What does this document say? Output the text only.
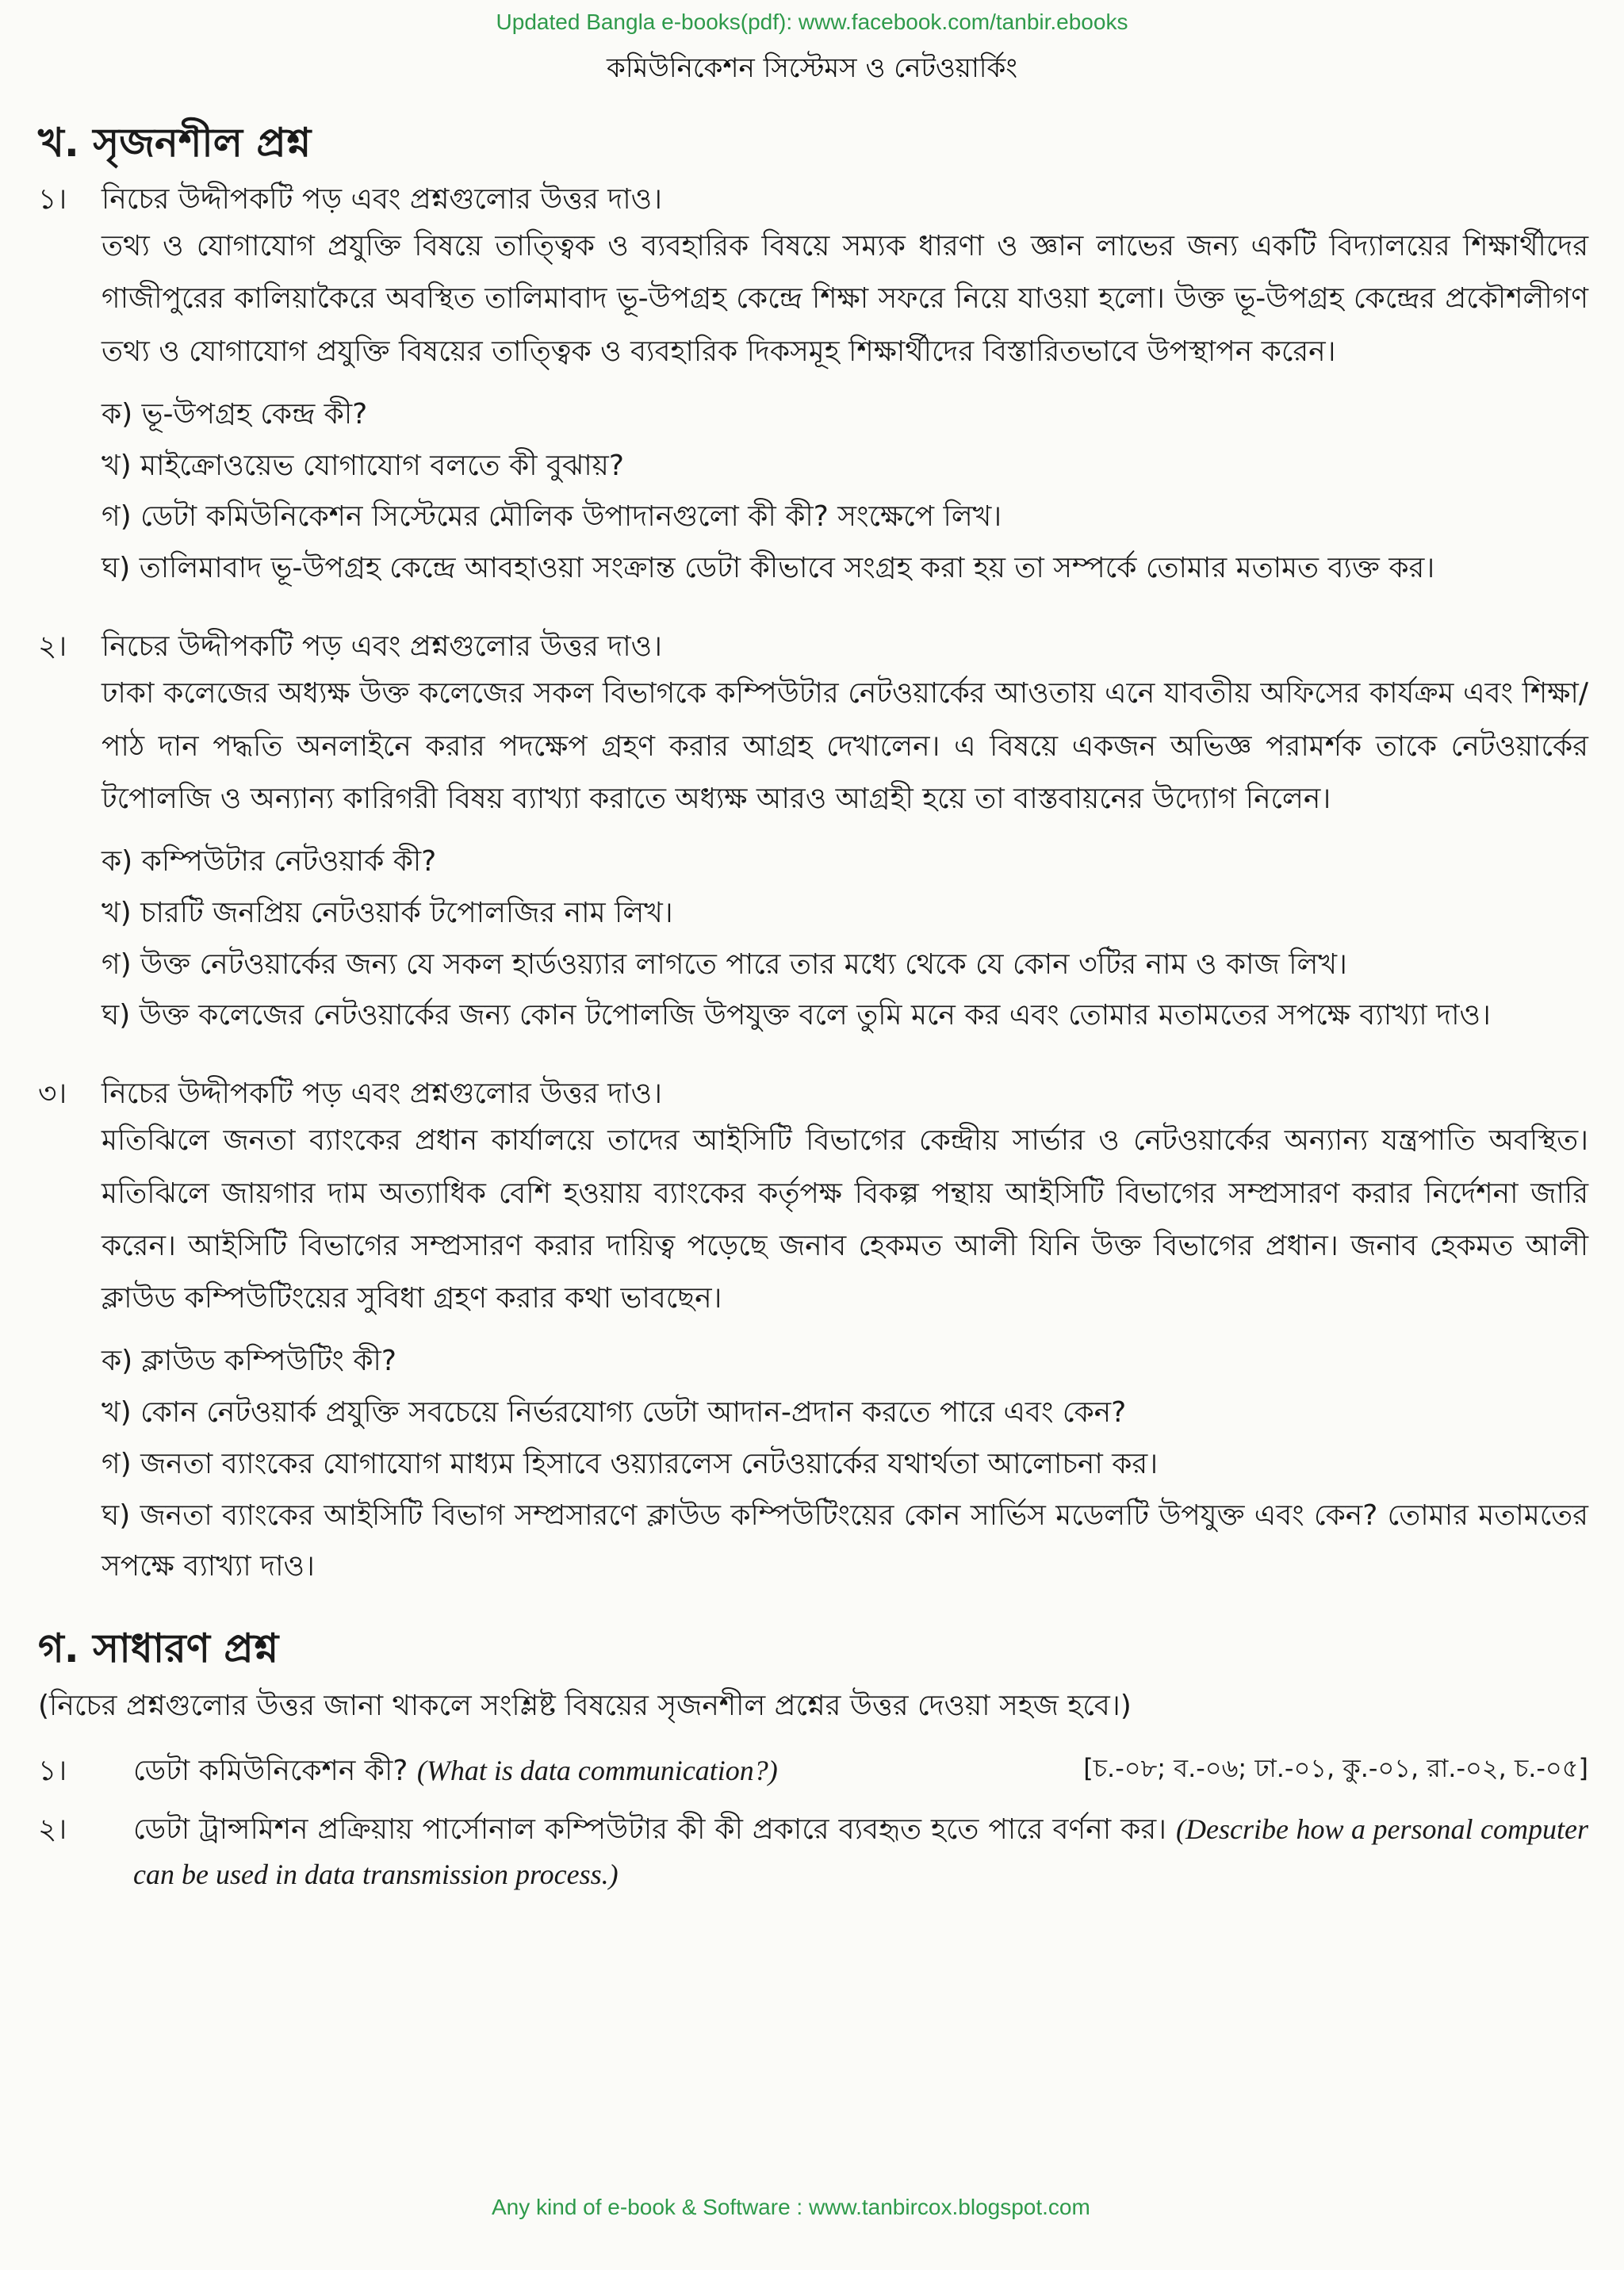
Updated Bangla e-books(pdf): www.facebook.com/tanbir.ebooks
কমিউনিকেশন সিস্টেমস ও নেটওয়ার্কিং
খ. সৃজনশীল প্রশ্ন
১।	নিচের উদ্দীপকটি পড় এবং প্রশ্নগুলোর উত্তর দাও।
তথ্য ও যোগাযোগ প্রযুক্তি বিষয়ে তাত্ত্বিক ও ব্যবহারিক বিষয়ে সম্যক ধারণা ও জ্ঞান লাভের জন্য একটি বিদ্যালয়ের শিক্ষার্থীদের গাজীপুরের কালিয়াকৈরে অবস্থিত তালিমাবাদ ভূ-উপগ্রহ কেন্দ্রে শিক্ষা সফরে নিয়ে যাওয়া হলো। উক্ত ভূ-উপগ্রহ কেন্দ্রের প্রকৌশলীগণ তথ্য ও যোগাযোগ প্রযুক্তি বিষয়ের তাত্ত্বিক ও ব্যবহারিক দিকসমূহ শিক্ষার্থীদের বিস্তারিতভাবে উপস্থাপন করেন।
ক) ভূ-উপগ্রহ কেন্দ্র কী?
খ) মাইক্রোওয়েভ যোগাযোগ বলতে কী বুঝায়?
গ) ডেটা কমিউনিকেশন সিস্টেমের মৌলিক উপাদানগুলো কী কী? সংক্ষেপে লিখ।
ঘ) তালিমাবাদ ভূ-উপগ্রহ কেন্দ্রে আবহাওয়া সংক্রান্ত ডেটা কীভাবে সংগ্রহ করা হয় তা সম্পর্কে তোমার মতামত ব্যক্ত কর।
২।	নিচের উদ্দীপকটি পড় এবং প্রশ্নগুলোর উত্তর দাও।
ঢাকা কলেজের অধ্যক্ষ উক্ত কলেজের সকল বিভাগকে কম্পিউটার নেটওয়ার্কের আওতায় এনে যাবতীয় অফিসের কার্যক্রম এবং শিক্ষা/পাঠ দান পদ্ধতি অনলাইনে করার পদক্ষেপ গ্রহণ করার আগ্রহ দেখালেন। এ বিষয়ে একজন অভিজ্ঞ পরামর্শক তাকে নেটওয়ার্কের টপোলজি ও অন্যান্য কারিগরী বিষয় ব্যাখ্যা করাতে অধ্যক্ষ আরও আগ্রহী হয়ে তা বাস্তবায়নের উদ্যোগ নিলেন।
ক) কম্পিউটার নেটওয়ার্ক কী?
খ) চারটি জনপ্রিয় নেটওয়ার্ক টপোলজির নাম লিখ।
গ) উক্ত নেটওয়ার্কের জন্য যে সকল হার্ডওয়্যার লাগতে পারে তার মধ্যে থেকে যে কোন ৩টির নাম ও কাজ লিখ।
ঘ) উক্ত কলেজের নেটওয়ার্কের জন্য কোন টপোলজি উপযুক্ত বলে তুমি মনে কর এবং তোমার মতামতের সপক্ষে ব্যাখ্যা দাও।
৩।	নিচের উদ্দীপকটি পড় এবং প্রশ্নগুলোর উত্তর দাও।
মতিঝিলে জনতা ব্যাংকের প্রধান কার্যালয়ে তাদের আইসিটি বিভাগের কেন্দ্রীয় সার্ভার ও নেটওয়ার্কের অন্যান্য যন্ত্রপাতি অবস্থিত। মতিঝিলে জায়গার দাম অত্যাধিক বেশি হওয়ায় ব্যাংকের কর্তৃপক্ষ বিকল্প পন্থায় আইসিটি বিভাগের সম্প্রসারণ করার নির্দেশনা জারি করেন। আইসিটি বিভাগের সম্প্রসারণ করার দায়িত্ব পড়েছে জনাব হেকমত আলী যিনি উক্ত বিভাগের প্রধান। জনাব হেকমত আলী ক্লাউড কম্পিউটিংয়ের সুবিধা গ্রহণ করার কথা ভাবছেন।
ক) ক্লাউড কম্পিউটিং কী?
খ) কোন নেটওয়ার্ক প্রযুক্তি সবচেয়ে নির্ভরযোগ্য ডেটা আদান-প্রদান করতে পারে এবং কেন?
গ) জনতা ব্যাংকের যোগাযোগ মাধ্যম হিসাবে ওয়্যারলেস নেটওয়ার্কের যথার্থতা আলোচনা কর।
ঘ) জনতা ব্যাংকের আইসিটি বিভাগ সম্প্রসারণে ক্লাউড কম্পিউটিংয়ের কোন সার্ভিস মডেলটি উপযুক্ত এবং কেন? তোমার মতামতের সপক্ষে ব্যাখ্যা দাও।
গ. সাধারণ প্রশ্ন
(নিচের প্রশ্নগুলোর উত্তর জানা থাকলে সংশ্লিষ্ট বিষয়ের সৃজনশীল প্রশ্নের উত্তর দেওয়া সহজ হবে।)
১।	ডেটা কমিউনিকেশন কী? (What is data communication?)	[চ.-০৮; ব.-০৬; ঢা.-০১, কু.-০১, রা.-০২, চ.-০৫]
২।	ডেটা ট্রান্সমিশন প্রক্রিয়ায় পার্সোনাল কম্পিউটার কী কী প্রকারে ব্যবহৃত হতে পারে বর্ণনা কর। (Describe how a personal computer can be used in data transmission process.)
Any kind of e-book & Software : www.tanbircox.blogspot.com
